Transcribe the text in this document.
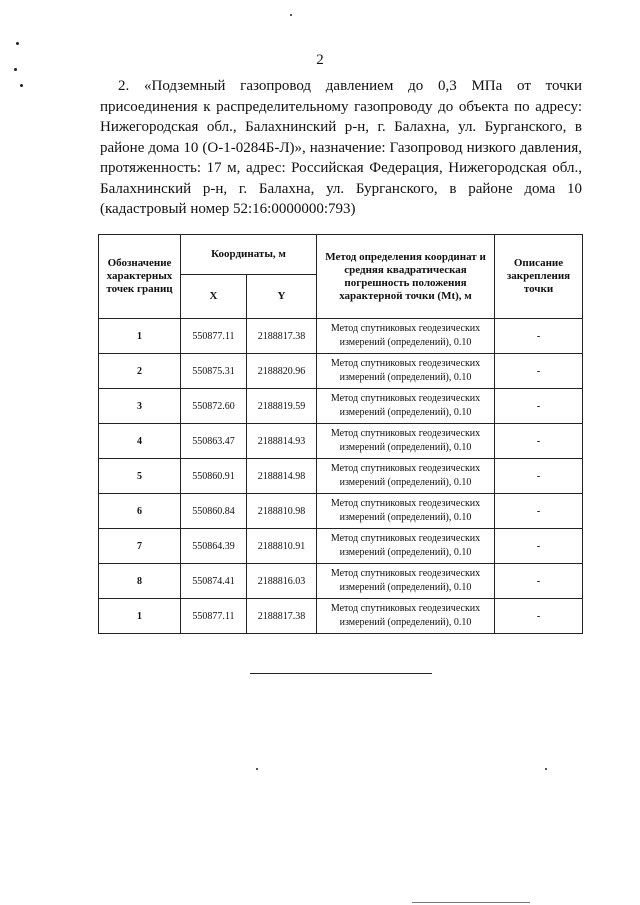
2

2. «Подземный газопровод давлением до 0,3 МПа от точки присоединения к распределительному газопроводу до объекта по адресу: Нижегородская обл., Балахнинский р-н, г. Балахна, ул. Бурганского, в районе дома 10 (О-1-0284Б-Л)», назначение: Газопровод низкого давления, протяженность: 17 м, адрес: Российская Федерация, Нижегородская обл., Балахнинский р-н, г. Балахна, ул. Бурганского, в районе дома 10 (кадастровый номер 52:16:0000000:793)

Обозначение характерных точек границ	Координаты, м		Метод определения координат и средняя квадратическая погрешность положения характерной точки (Mt), м	Описание закрепления точки
	X	Y		
1	550877.11	2188817.38	Метод спутниковых геодезических измерений (определений), 0.10	-
2	550875.31	2188820.96	Метод спутниковых геодезических измерений (определений), 0.10	-
3	550872.60	2188819.59	Метод спутниковых геодезических измерений (определений), 0.10	-
4	550863.47	2188814.93	Метод спутниковых геодезических измерений (определений), 0.10	-
5	550860.91	2188814.98	Метод спутниковых геодезических измерений (определений), 0.10	-
6	550860.84	2188810.98	Метод спутниковых геодезических измерений (определений), 0.10	-
7	550864.39	2188810.91	Метод спутниковых геодезических измерений (определений), 0.10	-
8	550874.41	2188816.03	Метод спутниковых геодезических измерений (определений), 0.10	-
1	550877.11	2188817.38	Метод спутниковых геодезических измерений (определений), 0.10	-
